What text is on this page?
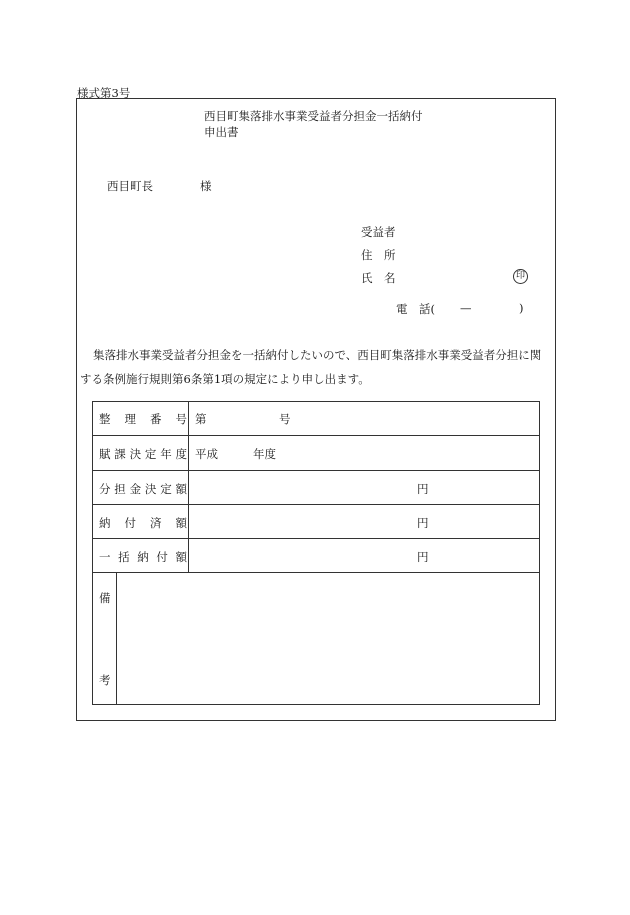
様式第3号
西目町集落排水事業受益者分担金一括納付
申出書
西目町長	様
受益者
住　所
氏　名	印
電　話( —	)
集落排水事業受益者分担金を一括納付したいので、西目町集落排水事業受益者分担に関
する条例施行規則第6条第1項の規定により申し出ます。
整理番号 第	号
賦課決定年度 平成	年度
分担金決定額	円
納付済額	円
一括納付額	円
備
考
